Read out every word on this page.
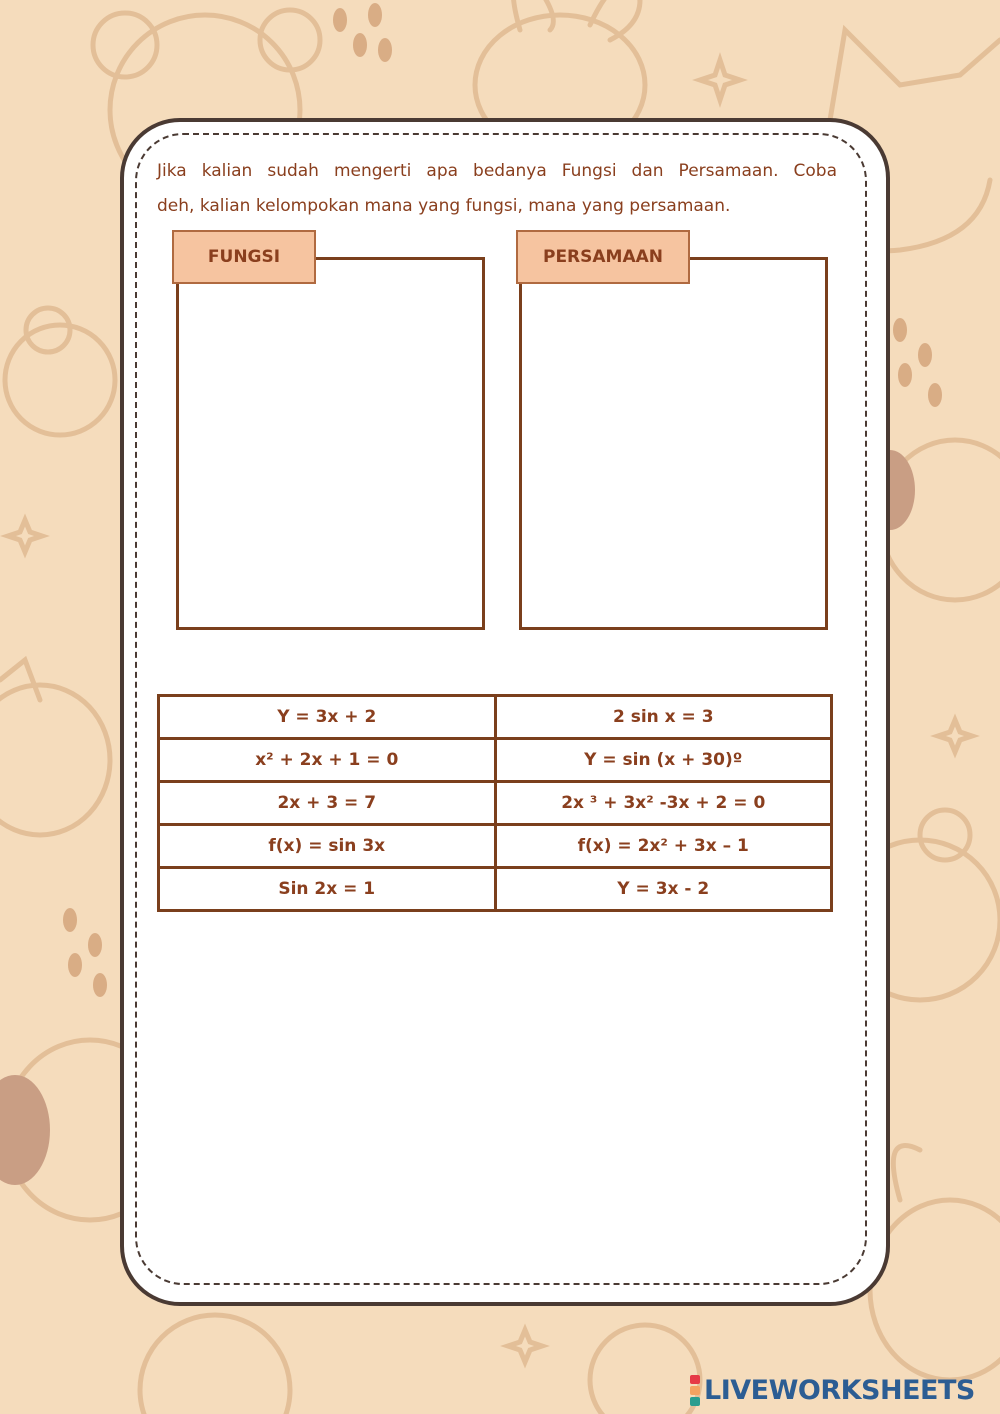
Jika kalian sudah mengerti apa bedanya Fungsi dan Persamaan. Coba
deh, kalian kelompokan mana yang fungsi, mana yang persamaan.
FUNGSI	PERSAMAAN
Y = 3x + 2	2 sin x = 3
x² + 2x + 1 = 0	Y = sin (x + 30)º
2x + 3 = 7	2x ³ + 3x² -3x + 2 = 0
f(x) = sin 3x	f(x) = 2x² + 3x – 1
Sin 2x = 1	Y = 3x - 2
LIVEWORKSHEETS
